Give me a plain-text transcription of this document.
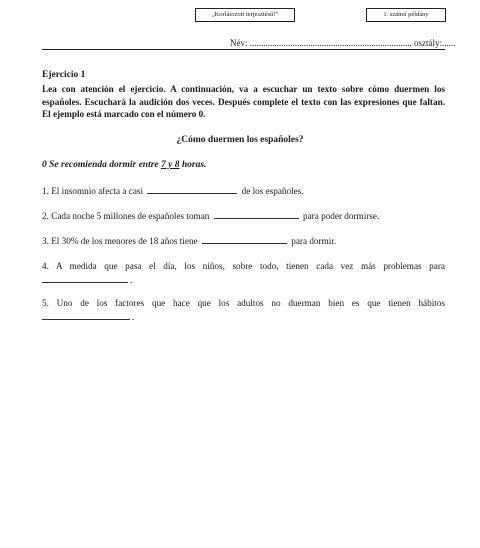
„Korlátozott terjesztésű!”	1. számú példány
Név: ........................................................................ osztály:......
Ejercicio 1
Lea con atención el ejercicio. A continuación, va a escuchar un texto sobre cómo duermen los españoles. Escuchará la audición dos veces. Después complete el texto con las expresiones que faltan. El ejemplo está marcado con el número 0.
¿Cómo duermen los españoles?
0 Se recomienda dormir entre 7 y 8 horas.
1. El insomnio afecta a casi	de los españoles.
2. Cada noche 5 millones de españoles toman	para poder dormirse.
3. El 30% de los menores de 18 años tiene	para dormir.
4. A medida que pasa el día, los niños, sobre todo, tienen cada vez más problemas para
.
5. Uno de los factores que hace que los adultos no duerman bien es que tienen hábitos
.
